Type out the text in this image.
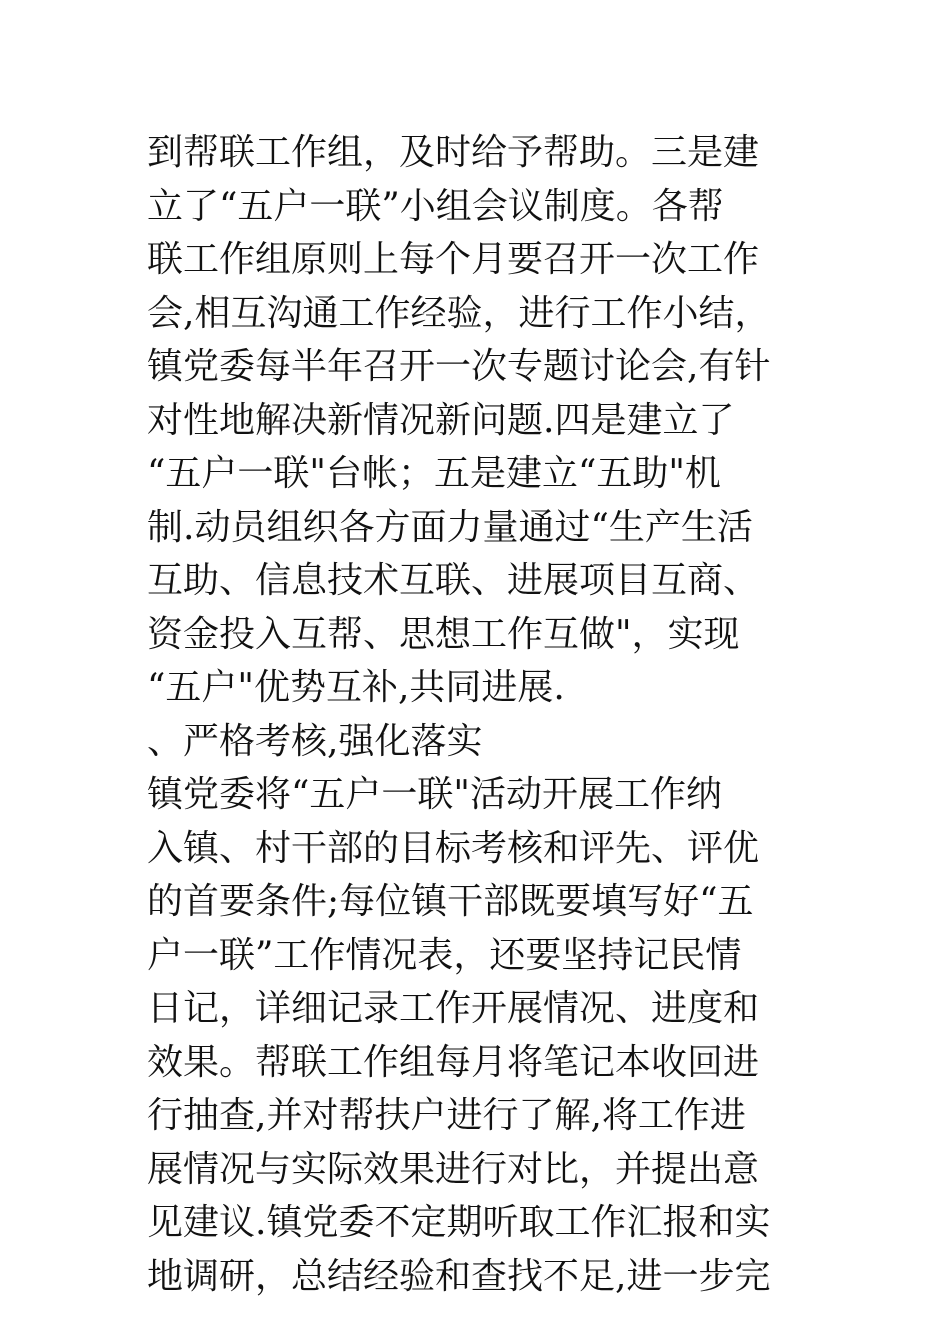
到帮联工作组，及时给予帮助。三是建
立了“五户一联”小组会议制度。各帮
联工作组原则上每个月要召开一次工作
会,相互沟通工作经验，进行工作小结，
镇党委每半年召开一次专题讨论会,有针
对性地解决新情况新问题.四是建立了
“五户一联"台帐；五是建立“五助"机
制.动员组织各方面力量通过“生产生活
互助、信息技术互联、进展项目互商、
资金投入互帮、思想工作互做"，实现
“五户"优势互补,共同进展.
、严格考核,强化落实
镇党委将“五户一联"活动开展工作纳
入镇、村干部的目标考核和评先、评优
的首要条件;每位镇干部既要填写好“五
户一联”工作情况表，还要坚持记民情
日记，详细记录工作开展情况、进度和
效果。帮联工作组每月将笔记本收回进
行抽查,并对帮扶户进行了解,将工作进
展情况与实际效果进行对比，并提出意
见建议.镇党委不定期听取工作汇报和实
地调研，总结经验和查找不足,进一步完
